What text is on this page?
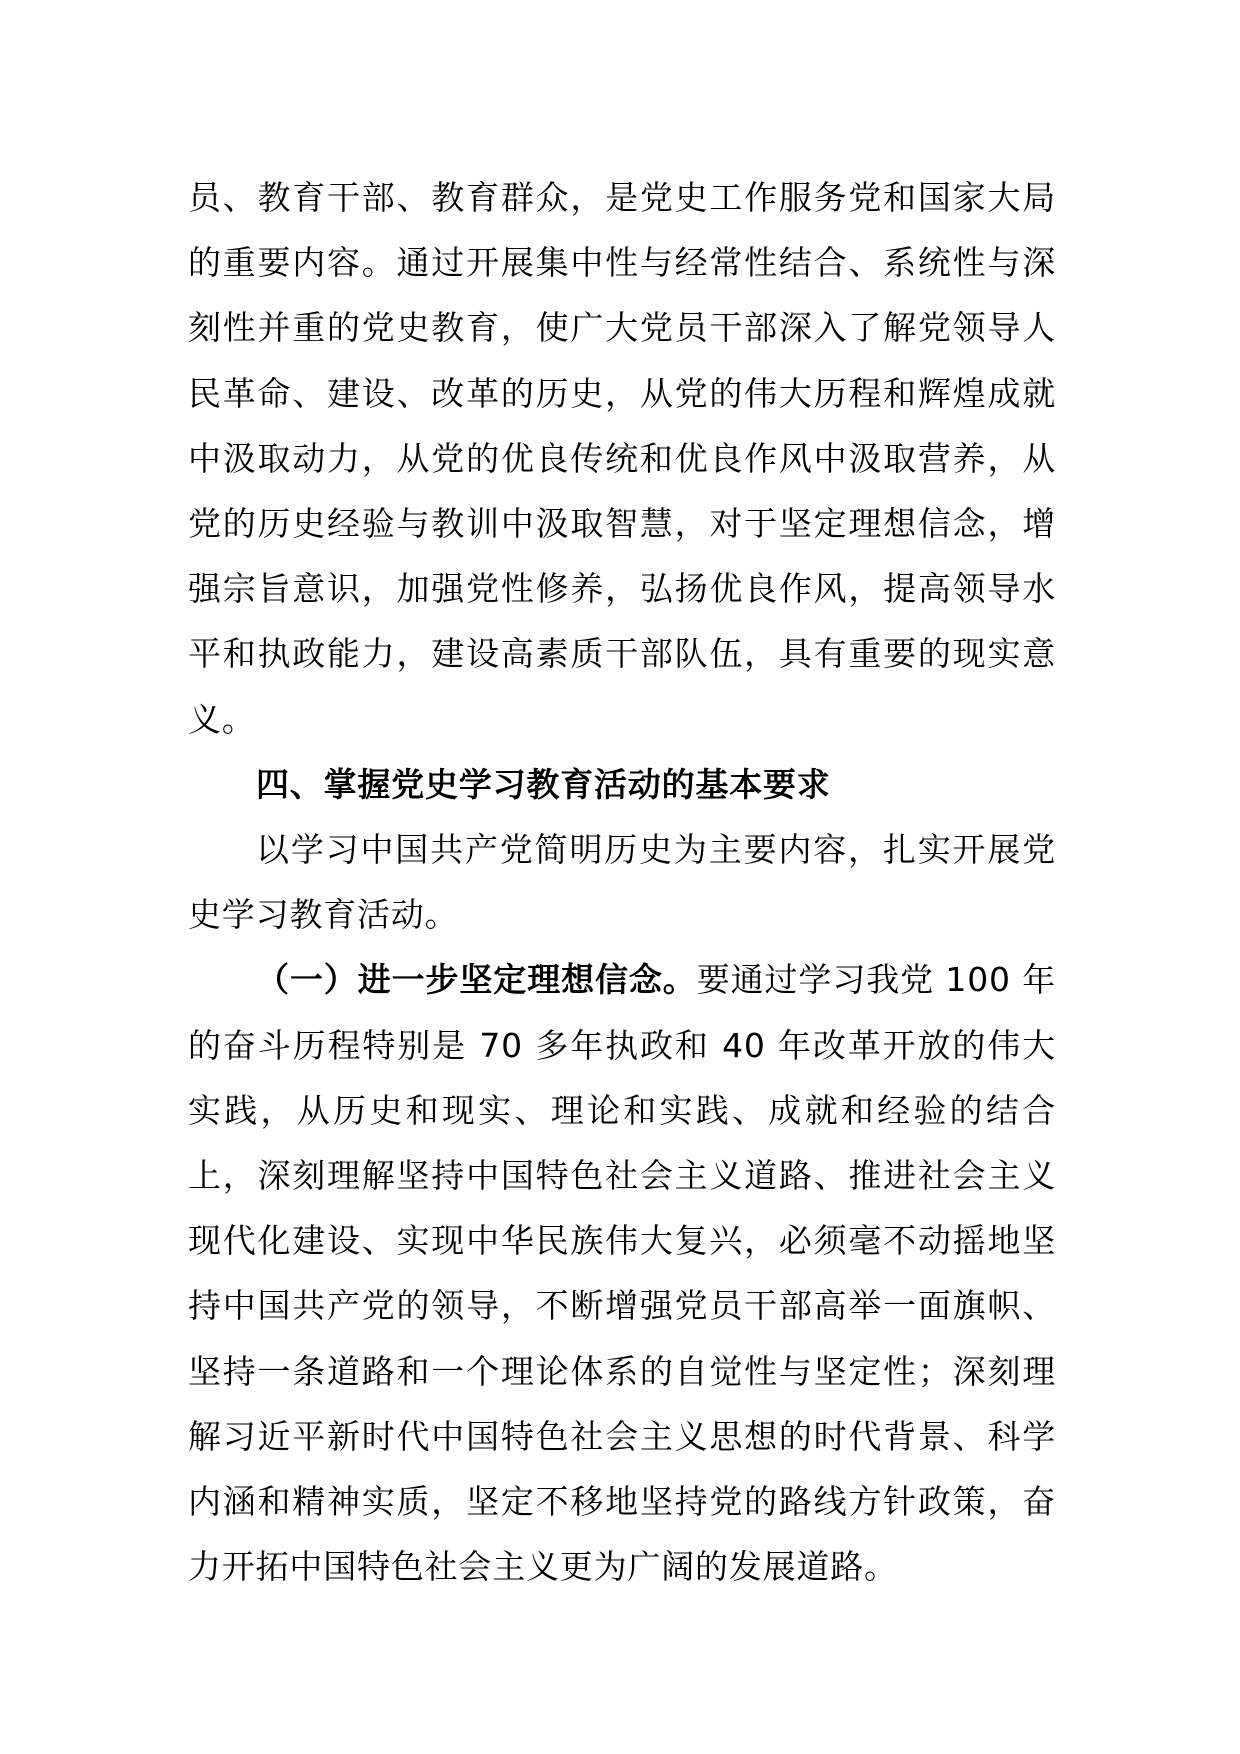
员、教育干部、教育群众，是党史工作服务党和国家大局的重要内容。通过开展集中性与经常性结合、系统性与深刻性并重的党史教育，使广大党员干部深入了解党领导人民革命、建设、改革的历史，从党的伟大历程和辉煌成就中汲取动力，从党的优良传统和优良作风中汲取营养，从党的历史经验与教训中汲取智慧，对于坚定理想信念，增强宗旨意识，加强党性修养，弘扬优良作风，提高领导水平和执政能力，建设高素质干部队伍，具有重要的现实意义。

四、掌握党史学习教育活动的基本要求

以学习中国共产党简明历史为主要内容，扎实开展党史学习教育活动。

（一）进一步坚定理想信念。要通过学习我党 100 年的奋斗历程特别是 70 多年执政和 40 年改革开放的伟大实践，从历史和现实、理论和实践、成就和经验的结合上，深刻理解坚持中国特色社会主义道路、推进社会主义现代化建设、实现中华民族伟大复兴，必须毫不动摇地坚持中国共产党的领导，不断增强党员干部高举一面旗帜、坚持一条道路和一个理论体系的自觉性与坚定性；深刻理解习近平新时代中国特色社会主义思想的时代背景、科学内涵和精神实质，坚定不移地坚持党的路线方针政策，奋力开拓中国特色社会主义更为广阔的发展道路。
